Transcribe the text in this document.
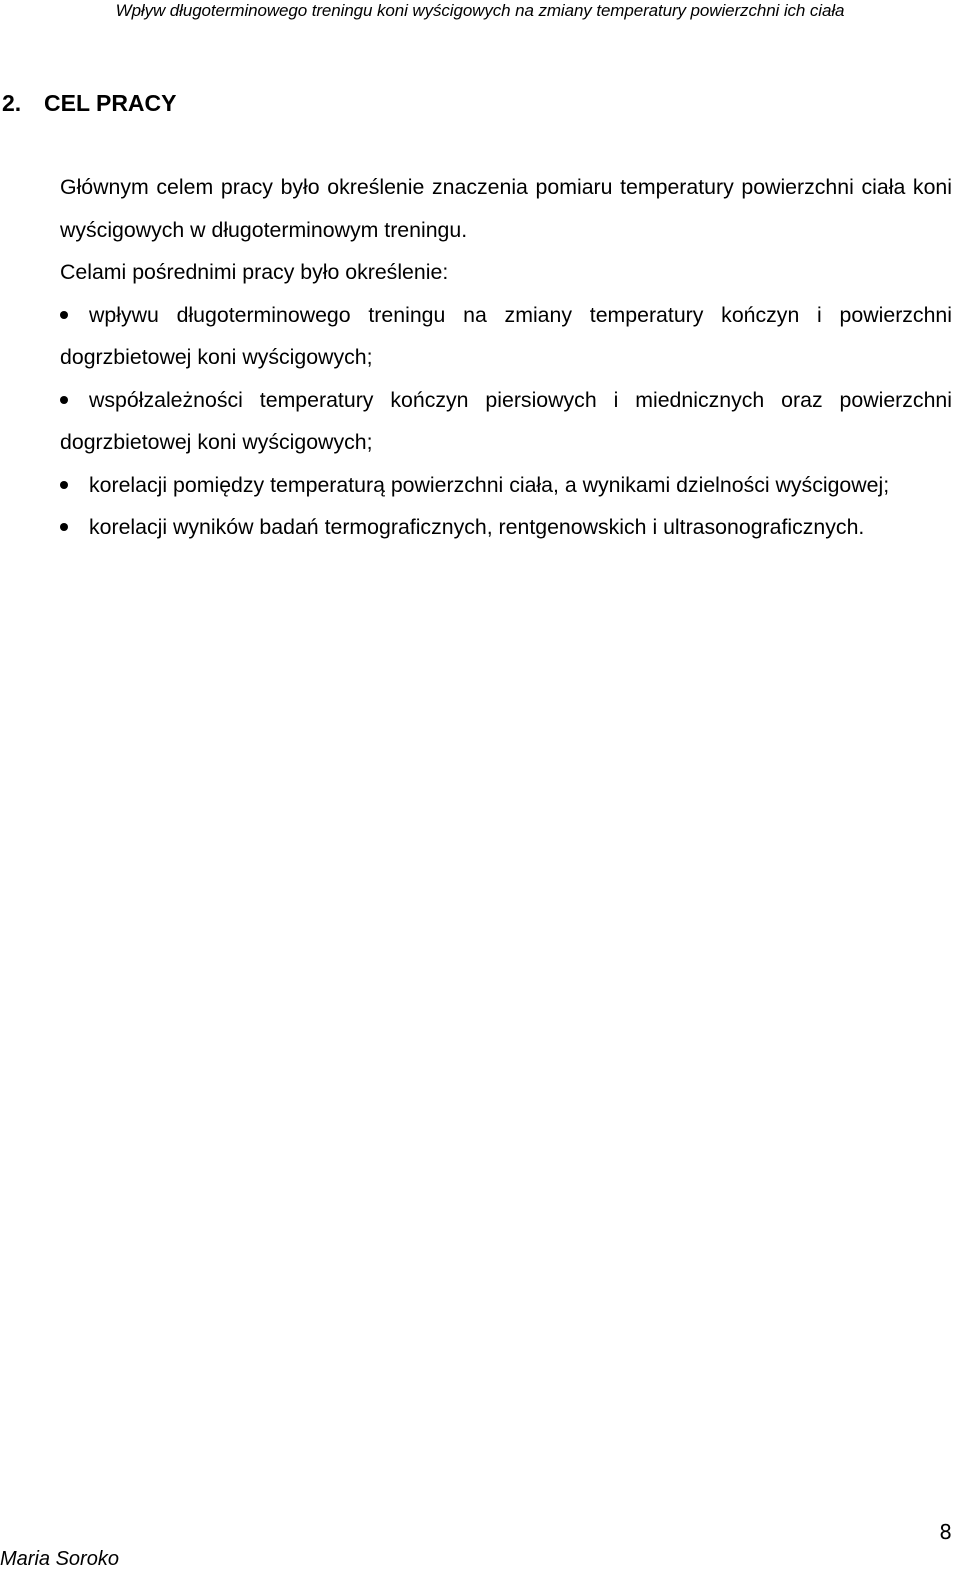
Wpływ długoterminowego treningu koni wyścigowych na zmiany temperatury powierzchni ich ciała
2. CEL PRACY

Głównym celem pracy było określenie znaczenia pomiaru temperatury powierzchni ciała koni wyścigowych w długoterminowym treningu.

Celami pośrednimi pracy było określenie:

wpływu długoterminowego treningu na zmiany temperatury kończyn i powierzchni dogrzbietowej koni wyścigowych;
współzależności temperatury kończyn piersiowych i miednicznych oraz powierzchni dogrzbietowej koni wyścigowych;
korelacji pomiędzy temperaturą powierzchni ciała, a wynikami dzielności wyścigowej;
korelacji wyników badań termograficznych, rentgenowskich i ultrasonograficznych.
8
Maria Soroko
